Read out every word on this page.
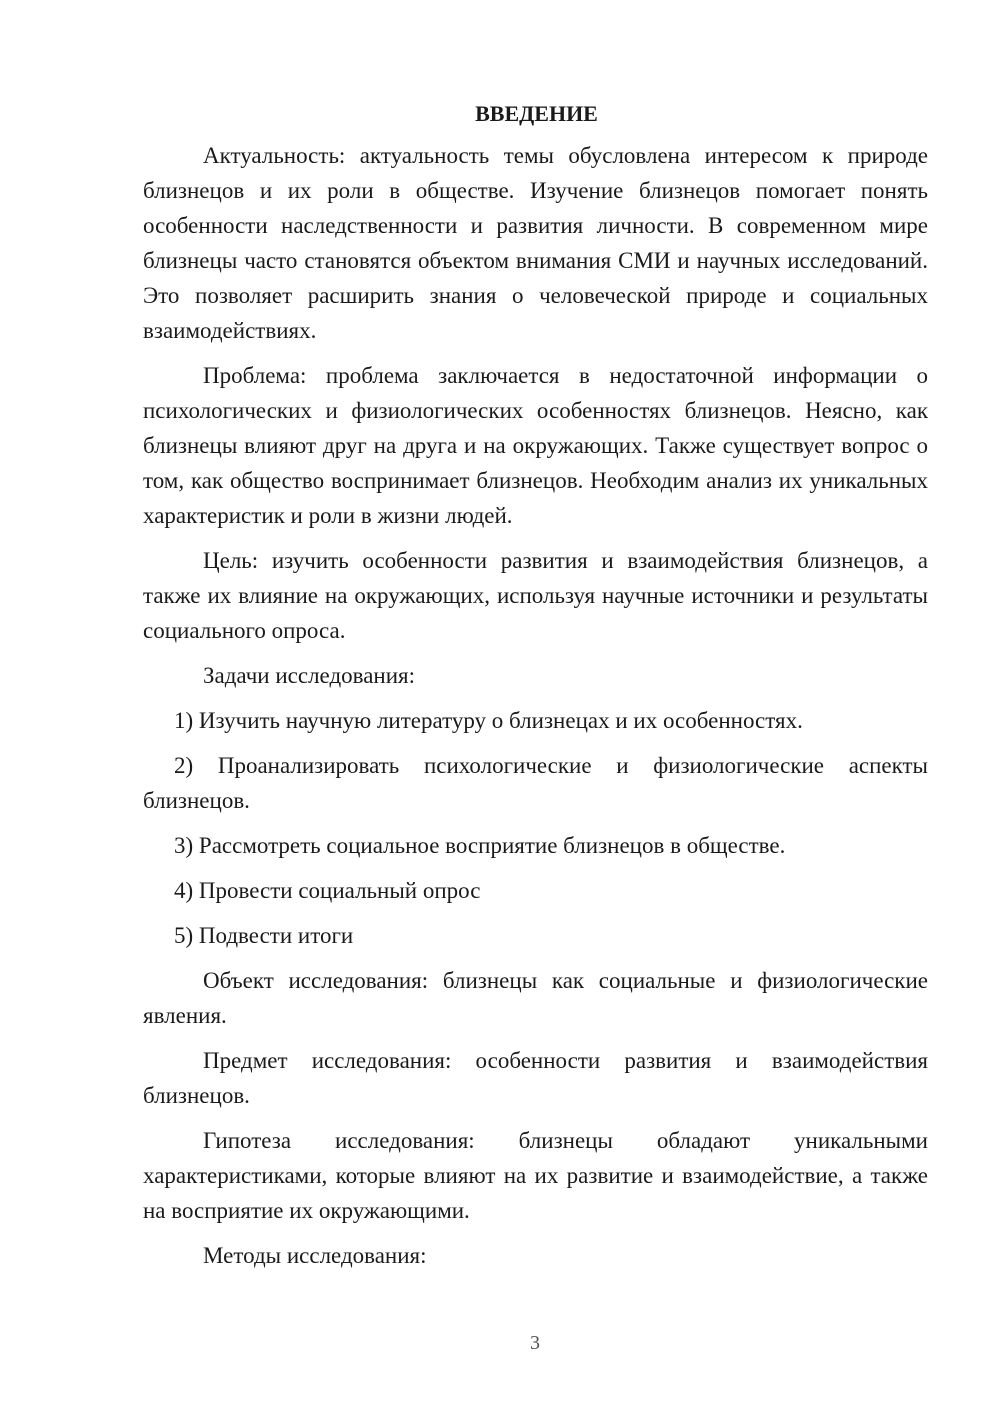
ВВЕДЕНИЕ

Актуальность: актуальность темы обусловлена интересом к природе близнецов и их роли в обществе. Изучение близнецов помогает понять особенности наследственности и развития личности. В современном мире близнецы часто становятся объектом внимания СМИ и научных исследований. Это позволяет расширить знания о человеческой природе и социальных взаимодействиях.

Проблема: проблема заключается в недостаточной информации о психологических и физиологических особенностях близнецов. Неясно, как близнецы влияют друг на друга и на окружающих. Также существует вопрос о том, как общество воспринимает близнецов. Необходим анализ их уникальных характеристик и роли в жизни людей.

Цель: изучить особенности развития и взаимодействия близнецов, а также их влияние на окружающих, используя научные источники и результаты социального опроса.

Задачи исследования:

1) Изучить научную литературу о близнецах и их особенностях.

2) Проанализировать психологические и физиологические аспекты близнецов.

3) Рассмотреть социальное восприятие близнецов в обществе.

4) Провести социальный опрос

5) Подвести итоги

Объект исследования: близнецы как социальные и физиологические явления.

Предмет исследования: особенности развития и взаимодействия близнецов.

Гипотеза исследования: близнецы обладают уникальными характеристиками, которые влияют на их развитие и взаимодействие, а также на восприятие их окружающими.

Методы исследования:

3
